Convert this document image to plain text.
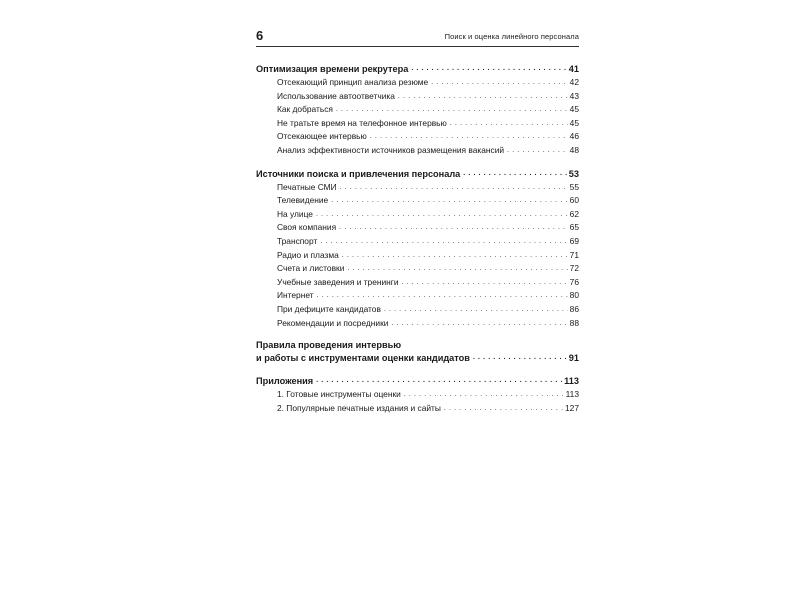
6	Поиск и оценка линейного персонала
Оптимизация времени рекрутера . . .	41
Отсекающий принцип анализа резюме . . .	42
Использование автоответчика . . .	43
Как добраться . . .	45
Не тратьте время на телефонное интервью . . .	45
Отсекающее интервью . . .	46
Анализ эффективности источников размещения вакансий . . .	48
Источники поиска и привлечения персонала . . .	53
Печатные СМИ . . .	55
Телевидение . . .	60
На улице . . .	62
Своя компания . . .	65
Транспорт . . .	69
Радио и плазма . . .	71
Счета и листовки . . .	72
Учебные заведения и тренинги . . .	76
Интернет . . .	80
При дефиците кандидатов . . .	86
Рекомендации и посредники . . .	88
Правила проведения интервью
и работы с инструментами оценки кандидатов . . .	91
Приложения . . .	113
1. Готовые инструменты оценки . . .	113
2. Популярные печатные издания и сайты . . .	127
